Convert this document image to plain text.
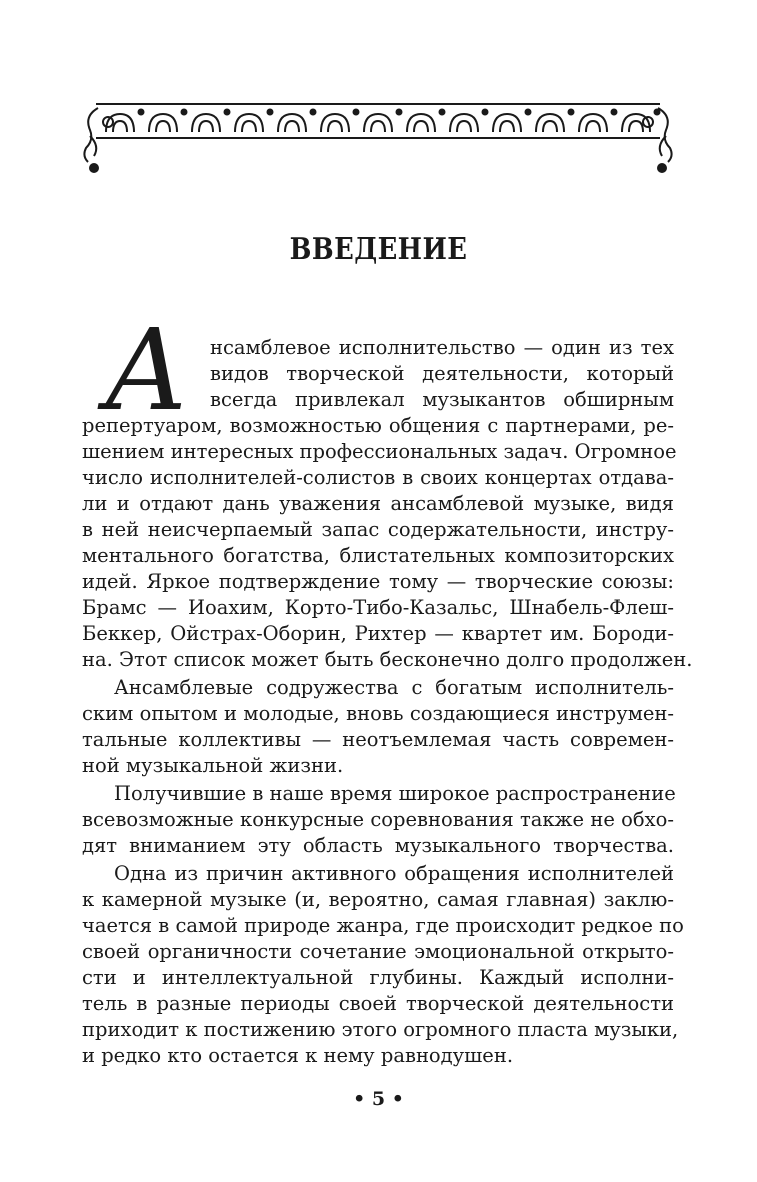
ВВЕДЕНИЕ
А нсамблевое исполнительство — один из тех
видов творческой деятельности, который
всегда привлекал музыкантов обширным
репертуаром, возможностью общения с партнерами, ре-
шением интересных профессиональных задач. Огромное
число исполнителей-солистов в своих концертах отдава-
ли и отдают дань уважения ансамблевой музыке, видя
в ней неисчерпаемый запас содержательности, инстру-
ментального богатства, блистательных композиторских
идей. Яркое подтверждение тому — творческие союзы:
Брамс — Иоахим, Корто-Тибо-Казальс, Шнабель-Флеш-
Беккер, Ойстрах-Оборин, Рихтер — квартет им. Бороди-
на. Этот список может быть бесконечно долго продолжен.
Ансамблевые содружества с богатым исполнитель-
ским опытом и молодые, вновь создающиеся инструмен-
тальные коллективы — неотъемлемая часть современ-
ной музыкальной жизни.
Получившие в наше время широкое распространение
всевозможные конкурсные соревнования также не обхо-
дят вниманием эту область музыкального творчества.
Одна из причин активного обращения исполнителей
к камерной музыке (и, вероятно, самая главная) заклю-
чается в самой природе жанра, где происходит редкое по
своей органичности сочетание эмоциональной открыто-
сти и интеллектуальной глубины. Каждый исполни-
тель в разные периоды своей творческой деятельности
приходит к постижению этого огромного пласта музыки,
и редко кто остается к нему равнодушен.
• 5 •
